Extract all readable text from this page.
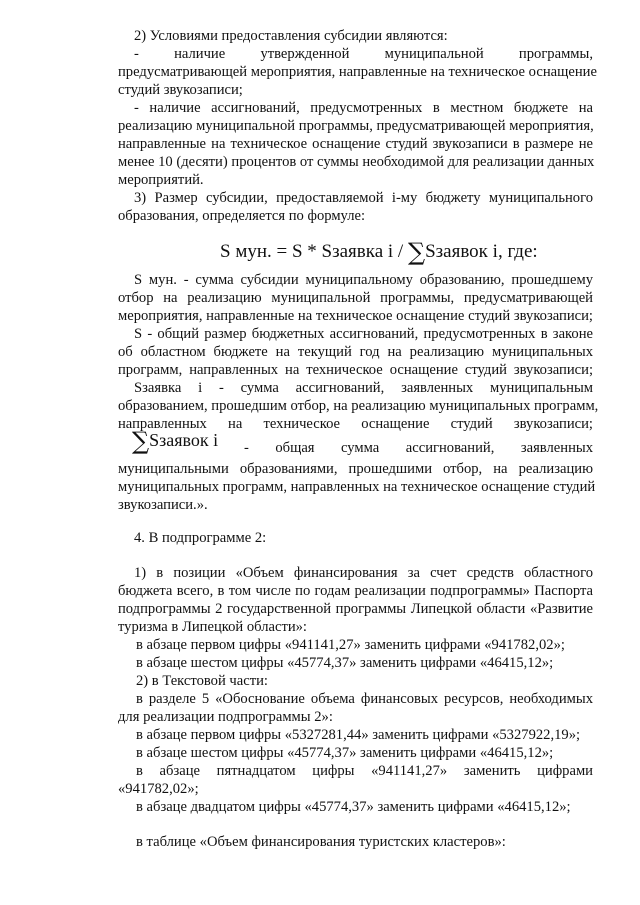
2) Условиями предоставления субсидии являются:
- наличие утвержденной муниципальной программы,
предусматривающей мероприятия, направленные на техническое оснащение
студий звукозаписи;
- наличие ассигнований, предусмотренных в местном бюджете на
реализацию муниципальной программы, предусматривающей мероприятия,
направленные на техническое оснащение студий звукозаписи в размере не
менее 10 (десяти) процентов от суммы необходимой для реализации данных
мероприятий.
3) Размер субсидии, предоставляемой i-му бюджету муниципального
образования, определяется по формуле:
S мун. = S * Sзаявка i / ∑Sзаявок i, где:
S мун. - сумма субсидии муниципальному образованию, прошедшему
отбор на реализацию муниципальной программы, предусматривающей
мероприятия, направленные на техническое оснащение студий звукозаписи;
S - общий размер бюджетных ассигнований, предусмотренных в законе
об областном бюджете на текущий год на реализацию муниципальных
программ, направленных на техническое оснащение студий звукозаписи;
Sзаявка i - сумма ассигнований, заявленных муниципальным
образованием, прошедшим отбор, на реализацию муниципальных программ,
направленных на техническое оснащение студий звукозаписи;
∑Sзаявок i - общая сумма ассигнований, заявленных
муниципальными образованиями, прошедшими отбор, на реализацию
муниципальных программ, направленных на техническое оснащение студий
звукозаписи.».
4. В подпрограмме 2:
1) в позиции «Объем финансирования за счет средств областного
бюджета всего, в том числе по годам реализации подпрограммы» Паспорта
подпрограммы 2 государственной программы Липецкой области «Развитие
туризма в Липецкой области»:
в абзаце первом цифры «941141,27» заменить цифрами «941782,02»;
в абзаце шестом цифры «45774,37» заменить цифрами «46415,12»;
2) в Текстовой части:
в разделе 5 «Обоснование объема финансовых ресурсов, необходимых
для реализации подпрограммы 2»:
в абзаце первом цифры «5327281,44» заменить цифрами «5327922,19»;
в абзаце шестом цифры «45774,37» заменить цифрами «46415,12»;
в абзаце пятнадцатом цифры «941141,27» заменить цифрами
«941782,02»;
в абзаце двадцатом цифры «45774,37» заменить цифрами «46415,12»;
в таблице «Объем финансирования туристских кластеров»:
